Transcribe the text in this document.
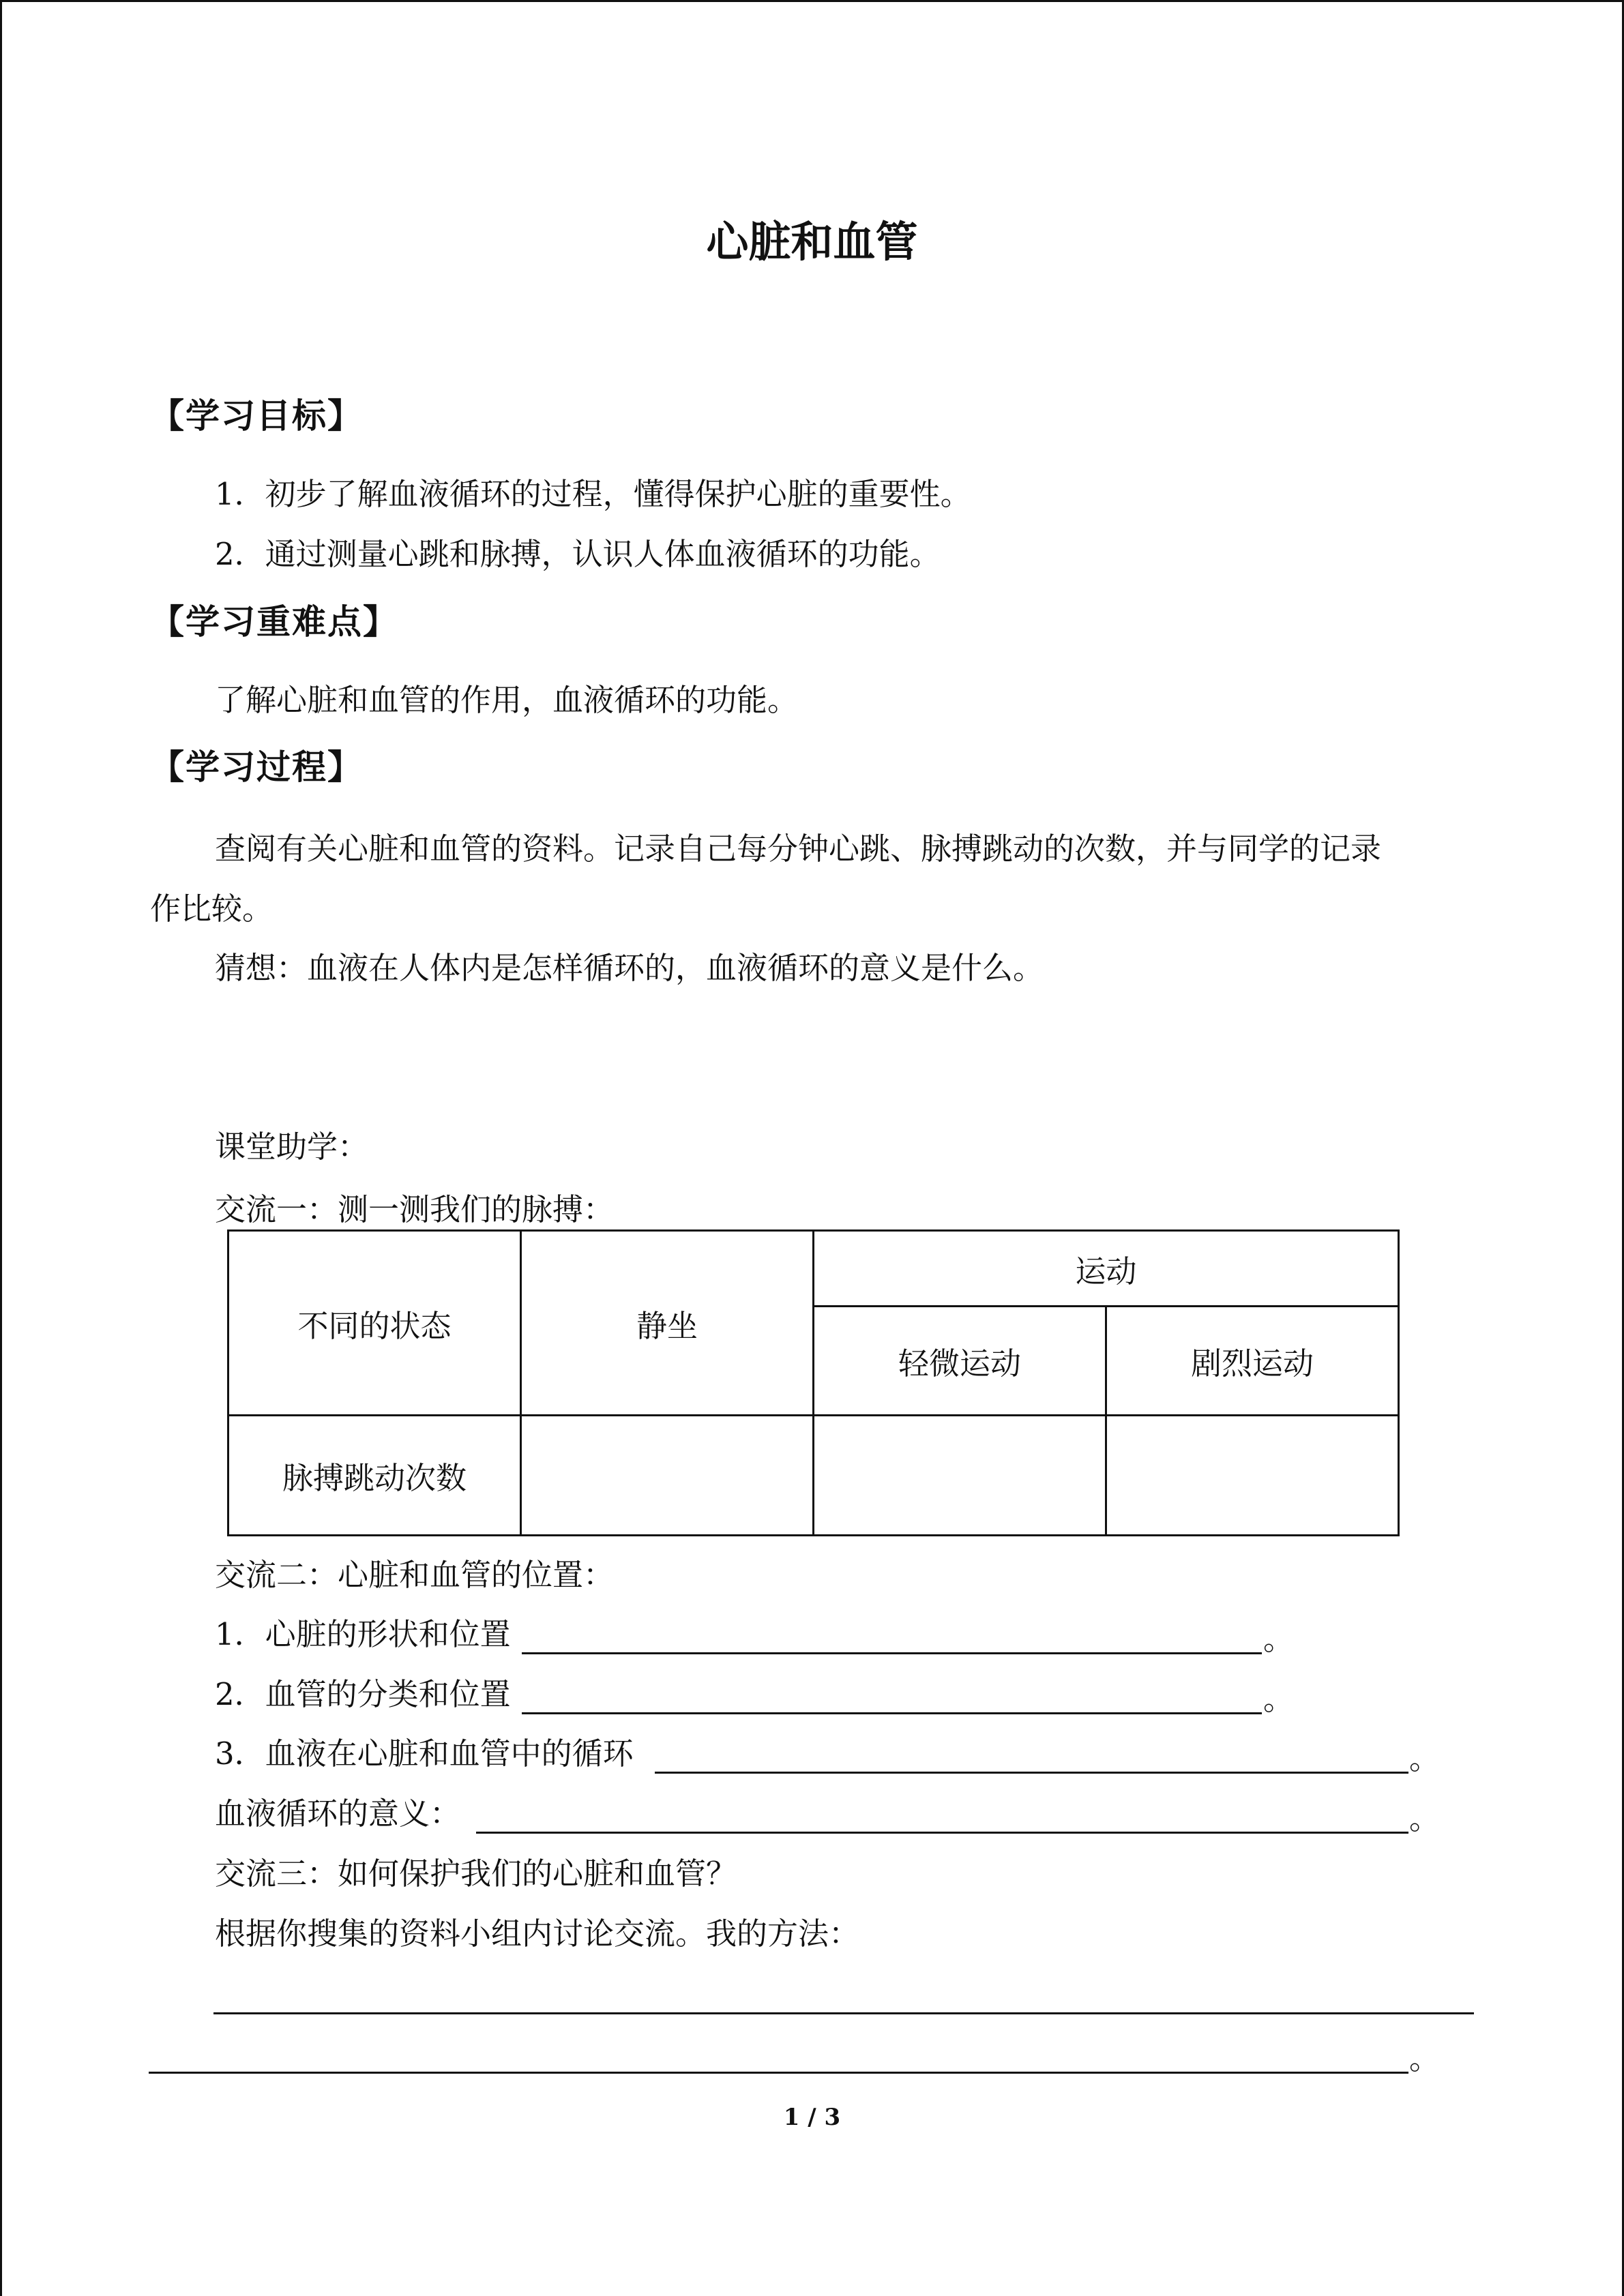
心脏和血管
【学习目标】
1．初步了解血液循环的过程，懂得保护心脏的重要性。
2．通过测量心跳和脉搏，认识人体血液循环的功能。
【学习重难点】
了解心脏和血管的作用，血液循环的功能。
【学习过程】
查阅有关心脏和血管的资料。记录自己每分钟心跳、脉搏跳动的次数，并与同学的记录
作比较。
猜想：血液在人体内是怎样循环的，血液循环的意义是什么。
课堂助学：
交流一：测一测我们的脉搏：
不同的状态	静坐	运动	
		轻微运动	剧烈运动
脉搏跳动次数			
交流二：心脏和血管的位置：
1．心脏的形状和位置	。
2．血管的分类和位置	。
3．血液在心脏和血管中的循环	。
血液循环的意义：	。
交流三：如何保护我们的心脏和血管？
根据你搜集的资料小组内讨论交流。我的方法：
。
1 / 3
